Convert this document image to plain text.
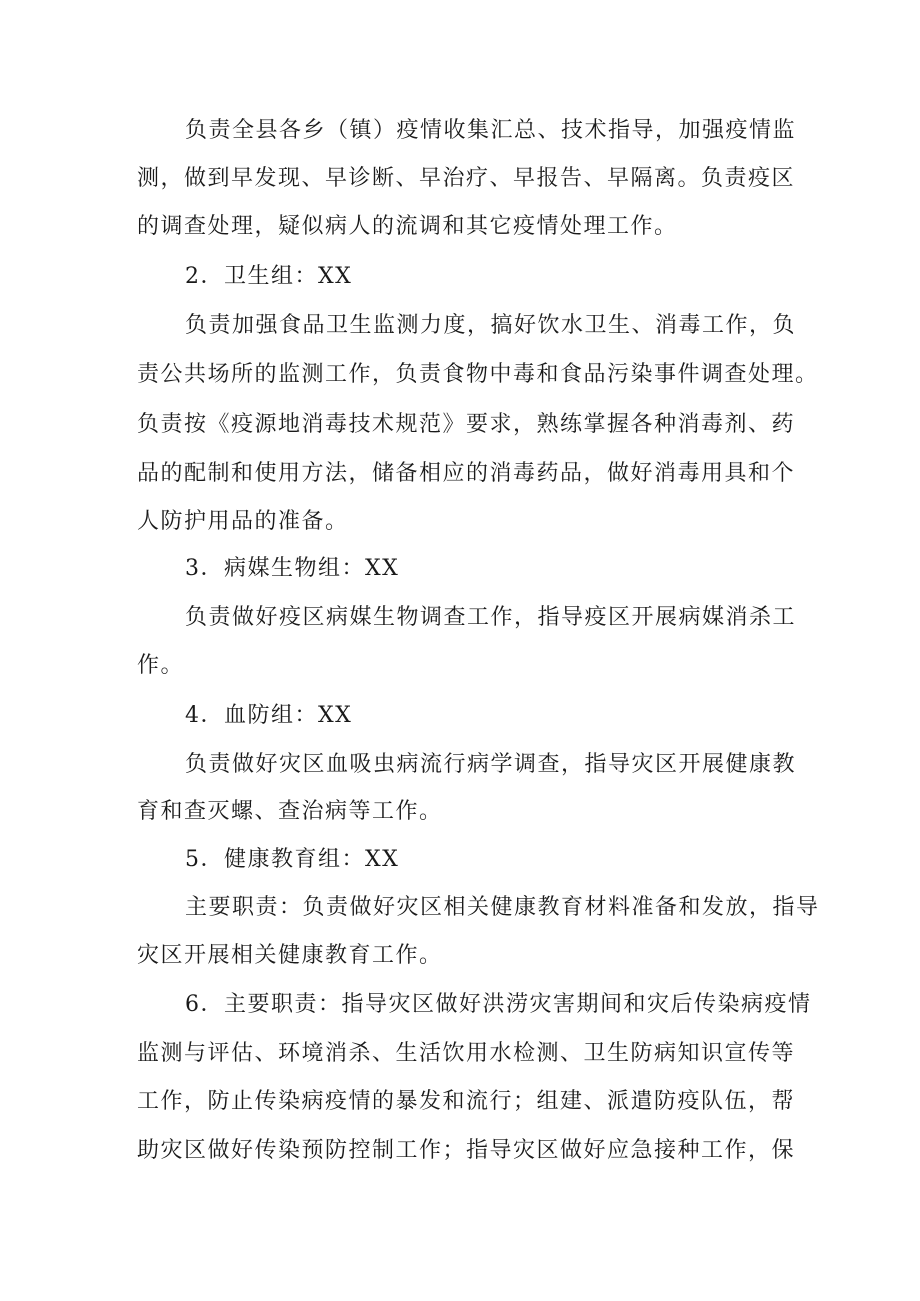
负责全县各乡（镇）疫情收集汇总、技术指导，加强疫情监

测，做到早发现、早诊断、早治疗、早报告、早隔离。负责疫区

的调查处理，疑似病人的流调和其它疫情处理工作。

2．卫生组：XX

负责加强食品卫生监测力度，搞好饮水卫生、消毒工作，负

责公共场所的监测工作，负责食物中毒和食品污染事件调查处理。

负责按《疫源地消毒技术规范》要求，熟练掌握各种消毒剂、药

品的配制和使用方法，储备相应的消毒药品，做好消毒用具和个

人防护用品的准备。

3．病媒生物组：XX

负责做好疫区病媒生物调查工作，指导疫区开展病媒消杀工

作。

4．血防组：XX

负责做好灾区血吸虫病流行病学调查，指导灾区开展健康教

育和查灭螺、查治病等工作。

5．健康教育组：XX

主要职责：负责做好灾区相关健康教育材料准备和发放，指导

灾区开展相关健康教育工作。

6．主要职责：指导灾区做好洪涝灾害期间和灾后传染病疫情

监测与评估、环境消杀、生活饮用水检测、卫生防病知识宣传等

工作，防止传染病疫情的暴发和流行；组建、派遣防疫队伍，帮

助灾区做好传染预防控制工作；指导灾区做好应急接种工作，保
